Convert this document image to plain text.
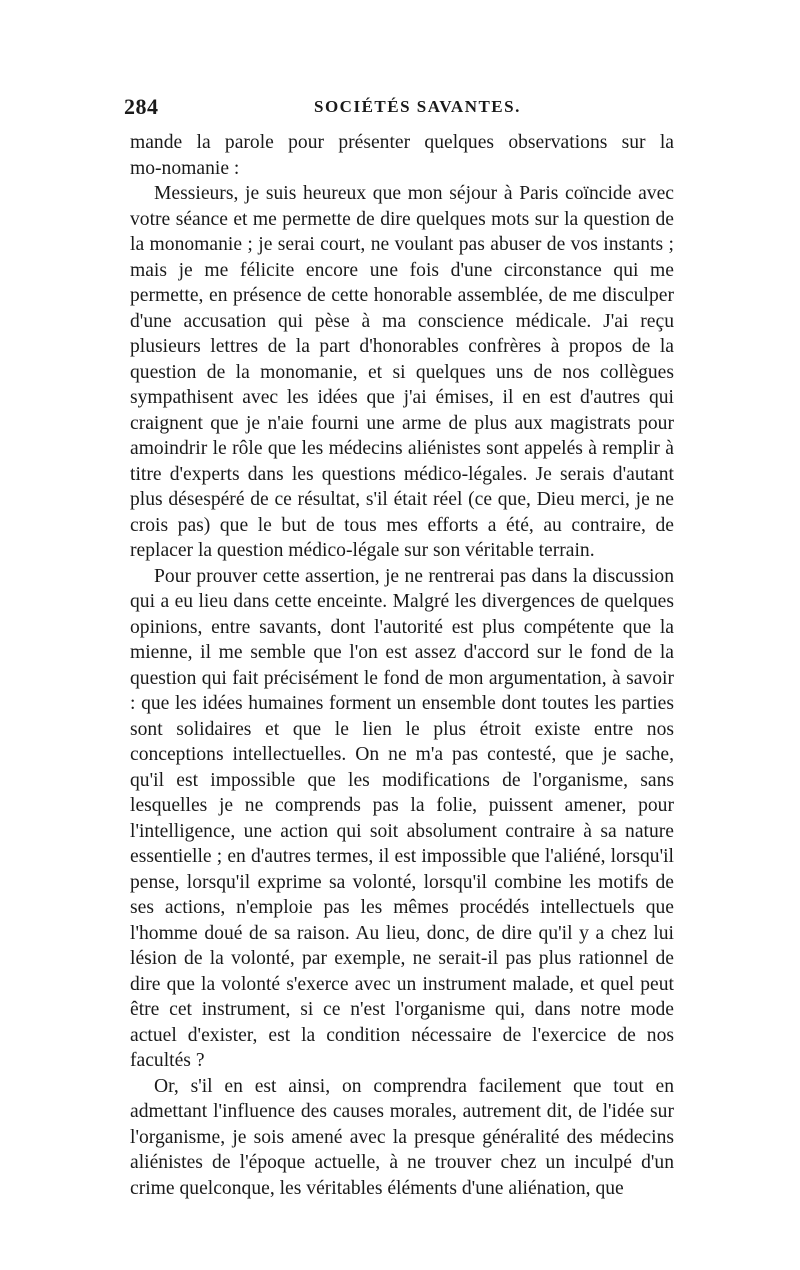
284	SOCIÉTÉS SAVANTES.

mande la parole pour présenter quelques observations sur la mo-nomanie :

Messieurs, je suis heureux que mon séjour à Paris coïncide avec votre séance et me permette de dire quelques mots sur la question de la monomanie ; je serai court, ne voulant pas abuser de vos instants ; mais je me félicite encore une fois d'une circonstance qui me permette, en présence de cette honorable assemblée, de me disculper d'une accusation qui pèse à ma conscience médicale. J'ai reçu plusieurs lettres de la part d'honorables confrères à propos de la question de la monomanie, et si quelques uns de nos collègues sympathisent avec les idées que j'ai émises, il en est d'autres qui craignent que je n'aie fourni une arme de plus aux magistrats pour amoindrir le rôle que les médecins aliénistes sont appelés à remplir à titre d'experts dans les questions médico-légales. Je serais d'autant plus désespéré de ce résultat, s'il était réel (ce que, Dieu merci, je ne crois pas) que le but de tous mes efforts a été, au contraire, de replacer la question médico-légale sur son véritable terrain.

Pour prouver cette assertion, je ne rentrerai pas dans la discussion qui a eu lieu dans cette enceinte. Malgré les divergences de quelques opinions, entre savants, dont l'autorité est plus compétente que la mienne, il me semble que l'on est assez d'accord sur le fond de la question qui fait précisément le fond de mon argumentation, à savoir : que les idées humaines forment un ensemble dont toutes les parties sont solidaires et que le lien le plus étroit existe entre nos conceptions intellectuelles. On ne m'a pas contesté, que je sache, qu'il est impossible que les modifications de l'organisme, sans lesquelles je ne comprends pas la folie, puissent amener, pour l'intelligence, une action qui soit absolument contraire à sa nature essentielle ; en d'autres termes, il est impossible que l'aliéné, lorsqu'il pense, lorsqu'il exprime sa volonté, lorsqu'il combine les motifs de ses actions, n'emploie pas les mêmes procédés intellectuels que l'homme doué de sa raison. Au lieu, donc, de dire qu'il y a chez lui lésion de la volonté, par exemple, ne serait-il pas plus rationnel de dire que la volonté s'exerce avec un instrument malade, et quel peut être cet instrument, si ce n'est l'organisme qui, dans notre mode actuel d'exister, est la condition nécessaire de l'exercice de nos facultés ?

Or, s'il en est ainsi, on comprendra facilement que tout en admettant l'influence des causes morales, autrement dit, de l'idée sur l'organisme, je sois amené avec la presque généralité des médecins aliénistes de l'époque actuelle, à ne trouver chez un inculpé d'un crime quelconque, les véritables éléments d'une aliénation, que
